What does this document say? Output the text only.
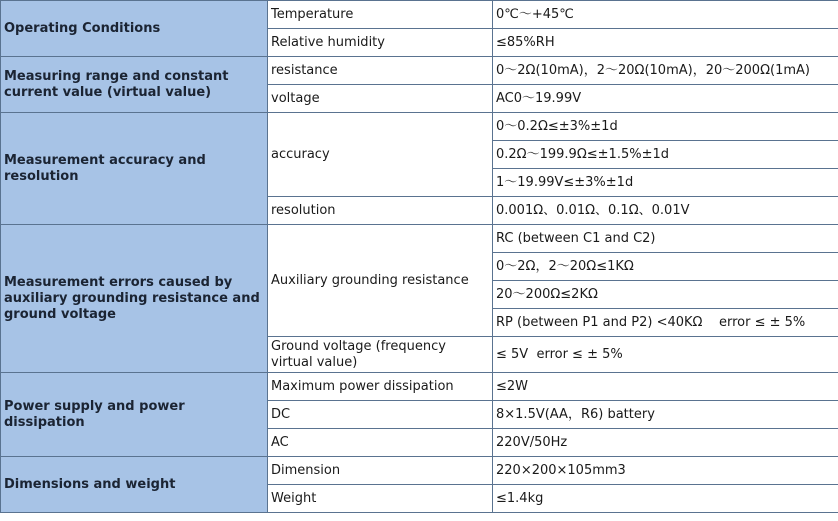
Operating Conditions	Temperature	0℃～+45℃
	Relative humidity	≤85%RH
Measuring range and constant current value (virtual value)	resistance	0～2Ω(10mA)，2～20Ω(10mA)，20～200Ω(1mA)
	voltage	AC0～19.99V
Measurement accuracy and resolution	accuracy	0～0.2Ω≤±3%±1d
		0.2Ω～199.9Ω≤±1.5%±1d
		1～19.99V≤±3%±1d
	resolution	0.001Ω、0.01Ω、0.1Ω、0.01V
Measurement errors caused by auxiliary grounding resistance and ground voltage	Auxiliary grounding resistance	RC (between C1 and C2)
		0～2Ω，2～20Ω≤1KΩ
		20～200Ω≤2KΩ
		RP (between P1 and P2) <40KΩ    error ≤ ± 5%
	Ground voltage (frequency virtual value)	≤ 5V  error ≤ ± 5%
Power supply and power dissipation	Maximum power dissipation	≤2W
	DC	8×1.5V(AA，R6) battery
	AC	220V/50Hz
Dimensions and weight	Dimension	220×200×105mm3
	Weight	≤1.4kg
